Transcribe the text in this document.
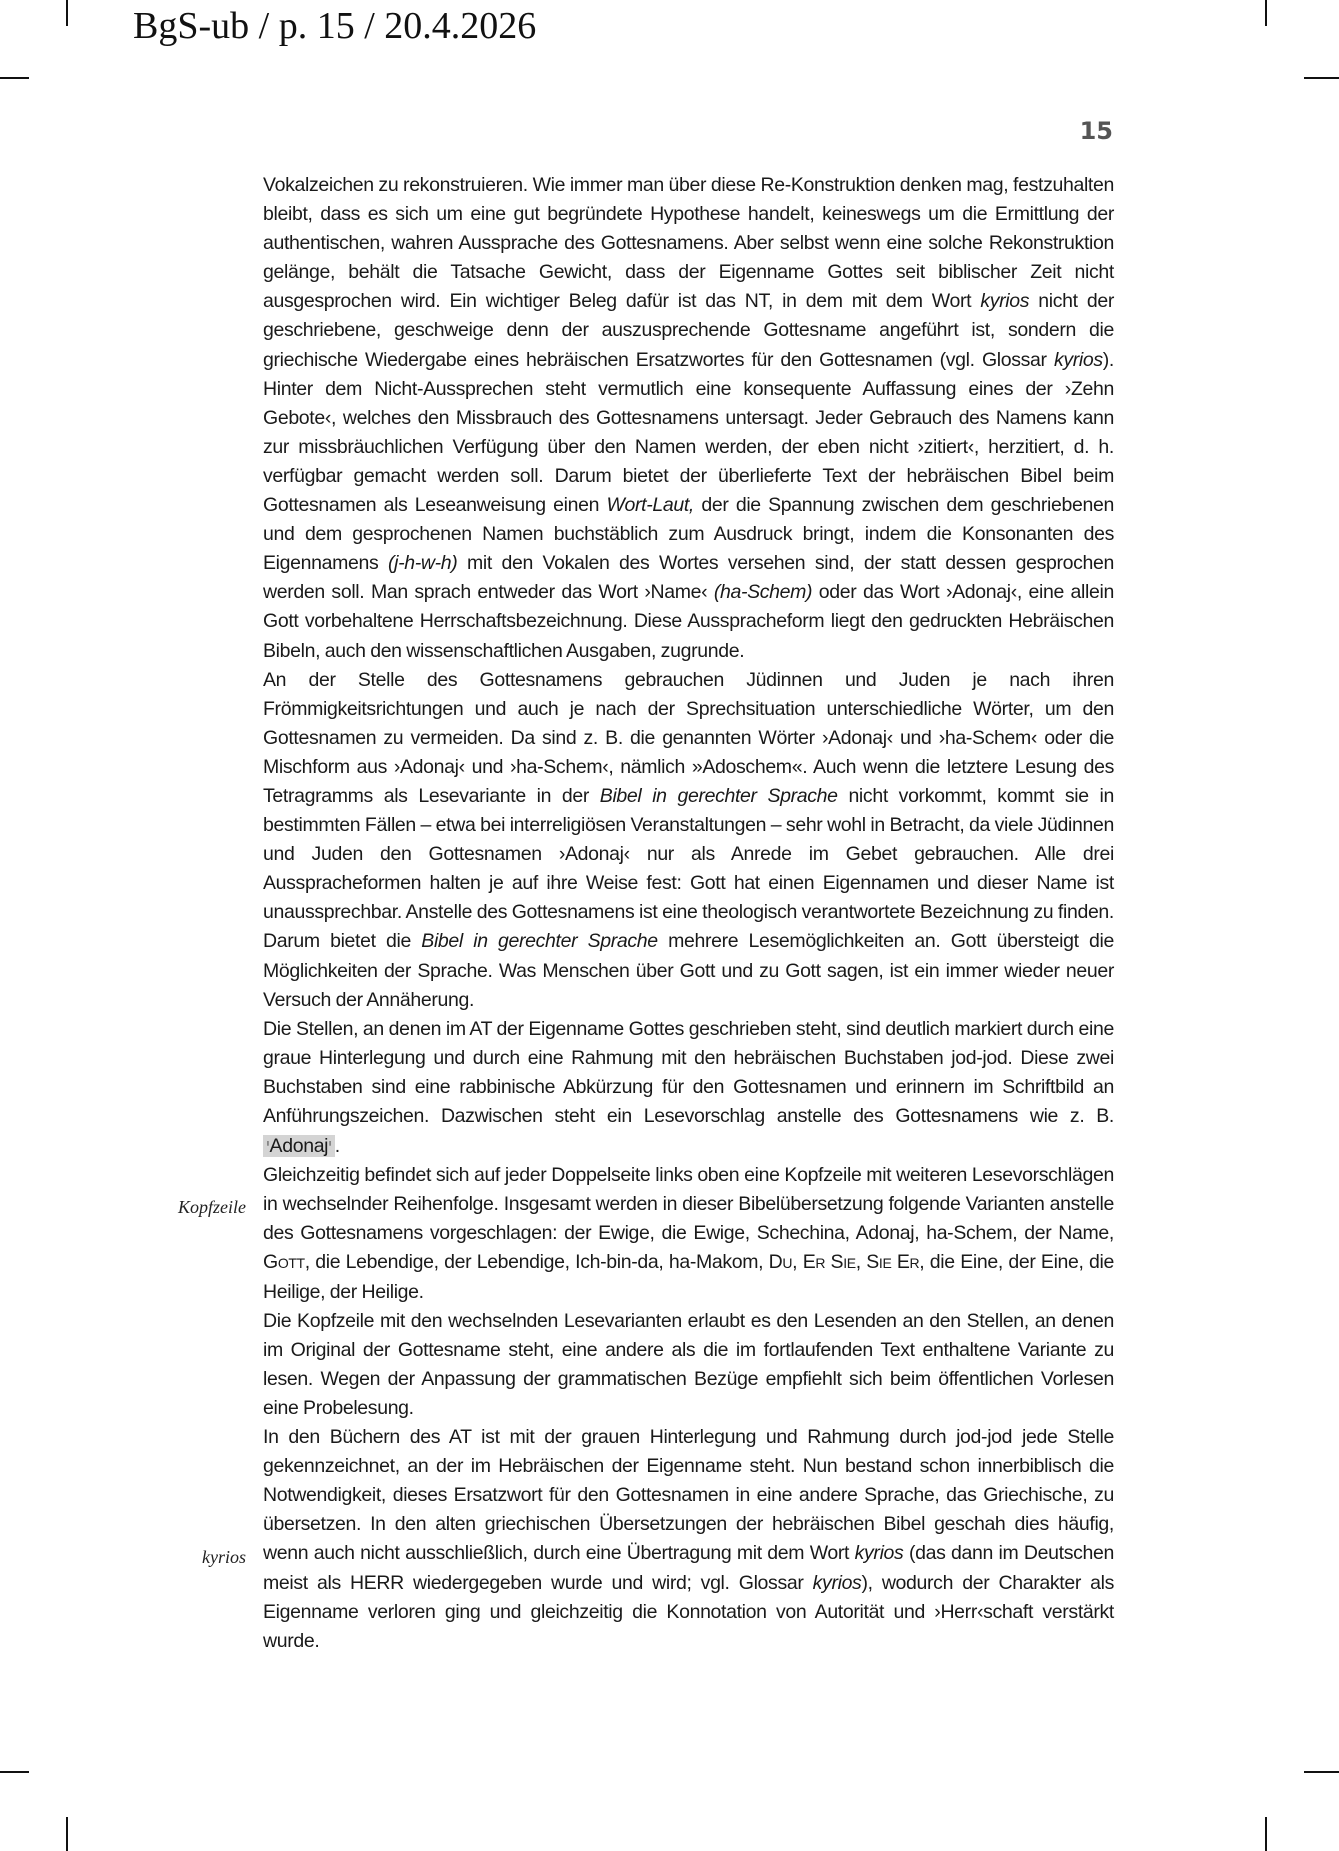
BgS-ub / p. 15 / 20.4.2026
15
Kopfzeile
kyrios

Vokalzeichen zu rekonstruieren. Wie immer man über diese Re-Konstruktion denken mag, festzuhalten bleibt, dass es sich um eine gut begründete Hypothese handelt, keineswegs um die Ermittlung der authentischen, wahren Aussprache des Gottesnamens. Aber selbst wenn eine solche Rekonstruktion gelänge, behält die Tatsache Gewicht, dass der Eigenname Gottes seit biblischer Zeit nicht ausgesprochen wird. Ein wichtiger Beleg dafür ist das NT, in dem mit dem Wort kyrios nicht der geschriebene, geschweige denn der auszusprechende Gottesname angeführt ist, sondern die griechische Wiedergabe eines hebräischen Ersatzwortes für den Gottesnamen (vgl. Glossar kyrios). Hinter dem Nicht-Aussprechen steht vermutlich eine konsequente Auffassung eines der ›Zehn Gebote‹, welches den Missbrauch des Gottesnamens untersagt. Jeder Gebrauch des Namens kann zur missbräuchlichen Verfügung über den Namen werden, der eben nicht ›zitiert‹, herzitiert, d. h. verfügbar gemacht werden soll. Darum bietet der überlieferte Text der hebräischen Bibel beim Gottesnamen als Leseanweisung einen Wort-Laut, der die Spannung zwischen dem geschriebenen und dem gesprochenen Namen buchstäblich zum Ausdruck bringt, indem die Konsonanten des Eigennamens (j-h-w-h) mit den Vokalen des Wortes versehen sind, der statt dessen gesprochen werden soll. Man sprach entweder das Wort ›Name‹ (ha-Schem) oder das Wort ›Adonaj‹, eine allein Gott vorbehaltene Herrschaftsbezeichnung. Diese Ausspracheform liegt den gedruckten Hebräischen Bibeln, auch den wissenschaftlichen Ausgaben, zugrunde.

An der Stelle des Gottesnamens gebrauchen Jüdinnen und Juden je nach ihren Frömmigkeitsrichtungen und auch je nach der Sprechsituation unterschiedliche Wörter, um den Gottesnamen zu vermeiden. Da sind z. B. die genannten Wörter ›Adonaj‹ und ›ha-Schem‹ oder die Mischform aus ›Adonaj‹ und ›ha-Schem‹, nämlich »Adoschem«. Auch wenn die letztere Lesung des Tetragramms als Lesevariante in der Bibel in gerechter Sprache nicht vorkommt, kommt sie in bestimmten Fällen – etwa bei interreligiösen Veranstaltungen – sehr wohl in Betracht, da viele Jüdinnen und Juden den Gottesnamen ›Adonaj‹ nur als Anrede im Gebet gebrauchen. Alle drei Ausspracheformen halten je auf ihre Weise fest: Gott hat einen Eigennamen und dieser Name ist unaussprechbar. Anstelle des Gottesnamens ist eine theologisch verantwortete Bezeichnung zu finden. Darum bietet die Bibel in gerechter Sprache mehrere Lesemöglichkeiten an. Gott übersteigt die Möglichkeiten der Sprache. Was Menschen über Gott und zu Gott sagen, ist ein immer wieder neuer Versuch der Annäherung.

Die Stellen, an denen im AT der Eigenname Gottes geschrieben steht, sind deutlich markiert durch eine graue Hinterlegung und durch eine Rahmung mit den hebräischen Buchstaben jod-jod. Diese zwei Buchstaben sind eine rabbinische Abkürzung für den Gottesnamen und erinnern im Schriftbild an Anführungszeichen. Dazwischen steht ein Lesevorschlag anstelle des Gottesnamens wie z. B. יAdonajי .

Gleichzeitig befindet sich auf jeder Doppelseite links oben eine Kopfzeile mit weiteren Lesevorschlägen in wechselnder Reihenfolge. Insgesamt werden in dieser Bibelübersetzung folgende Varianten anstelle des Gottesnamens vorgeschlagen: der Ewige, die Ewige, Schechina, Adonaj, ha-Schem, der Name, Gott, die Lebendige, der Lebendige, Ich-bin-da, ha-Makom, Du, Er Sie, Sie Er, die Eine, der Eine, die Heilige, der Heilige.

Die Kopfzeile mit den wechselnden Lesevarianten erlaubt es den Lesenden an den Stellen, an denen im Original der Gottesname steht, eine andere als die im fortlaufenden Text enthaltene Variante zu lesen. Wegen der Anpassung der grammatischen Bezüge empfiehlt sich beim öffentlichen Vorlesen eine Probelesung.

In den Büchern des AT ist mit der grauen Hinterlegung und Rahmung durch jod-jod jede Stelle gekennzeichnet, an der im Hebräischen der Eigenname steht. Nun bestand schon innerbiblisch die Notwendigkeit, dieses Ersatzwort für den Gottesnamen in eine andere Sprache, das Griechische, zu übersetzen. In den alten griechischen Übersetzungen der hebräischen Bibel geschah dies häufig, wenn auch nicht ausschließlich, durch eine Übertragung mit dem Wort kyrios (das dann im Deutschen meist als HERR wiedergegeben wurde und wird; vgl. Glossar kyrios), wodurch der Charakter als Eigenname verloren ging und gleichzeitig die Konnotation von Autorität und ›Herr‹schaft verstärkt wurde.
